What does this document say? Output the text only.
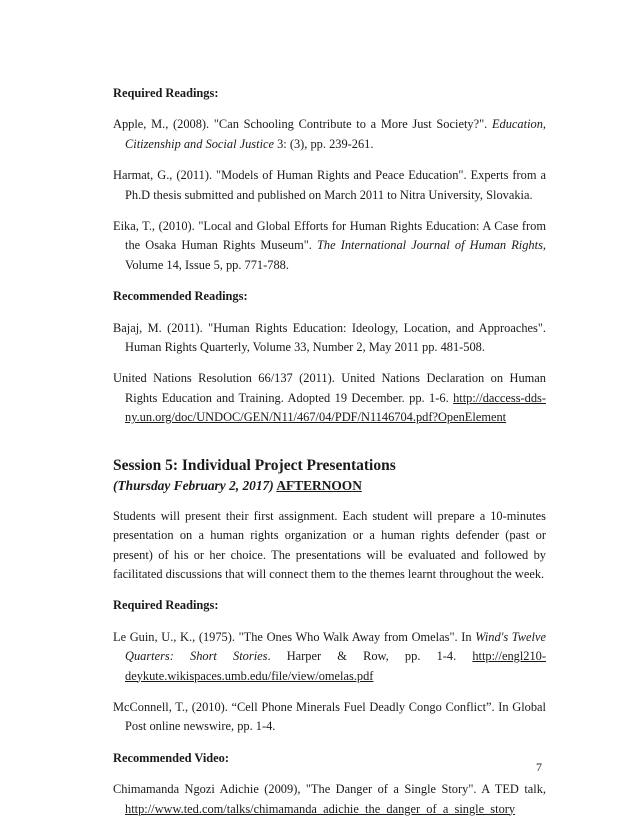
Required Readings:

Apple, M., (2008). "Can Schooling Contribute to a More Just Society?". Education, Citizenship and Social Justice 3: (3), pp. 239-261.

Harmat, G., (2011). "Models of Human Rights and Peace Education". Experts from a Ph.D thesis submitted and published on March 2011 to Nitra University, Slovakia.

Eika, T., (2010). "Local and Global Efforts for Human Rights Education: A Case from the Osaka Human Rights Museum". The International Journal of Human Rights, Volume 14, Issue 5, pp. 771-788.

Recommended Readings:

Bajaj, M. (2011). "Human Rights Education: Ideology, Location, and Approaches". Human Rights Quarterly, Volume 33, Number 2, May 2011 pp. 481-508.

United Nations Resolution 66/137 (2011). United Nations Declaration on Human Rights Education and Training. Adopted 19 December. pp. 1-6. http://daccess-dds-ny.un.org/doc/UNDOC/GEN/N11/467/04/PDF/N1146704.pdf?OpenElement

Session 5: Individual Project Presentations

(Thursday February 2, 2017) AFTERNOON

Students will present their first assignment. Each student will prepare a 10-minutes presentation on a human rights organization or a human rights defender (past or present) of his or her choice. The presentations will be evaluated and followed by facilitated discussions that will connect them to the themes learnt throughout the week.

Required Readings:

Le Guin, U., K., (1975). "The Ones Who Walk Away from Omelas". In Wind's Twelve Quarters: Short Stories. Harper & Row, pp. 1-4. http://engl210-deykute.wikispaces.umb.edu/file/view/omelas.pdf

McConnell, T., (2010). “Cell Phone Minerals Fuel Deadly Congo Conflict”. In Global Post online newswire, pp. 1-4.

Recommended Video:

Chimamanda Ngozi Adichie (2009), "The Danger of a Single Story". A TED talk, http://www.ted.com/talks/chimamanda_adichie_the_danger_of_a_single_story

7
